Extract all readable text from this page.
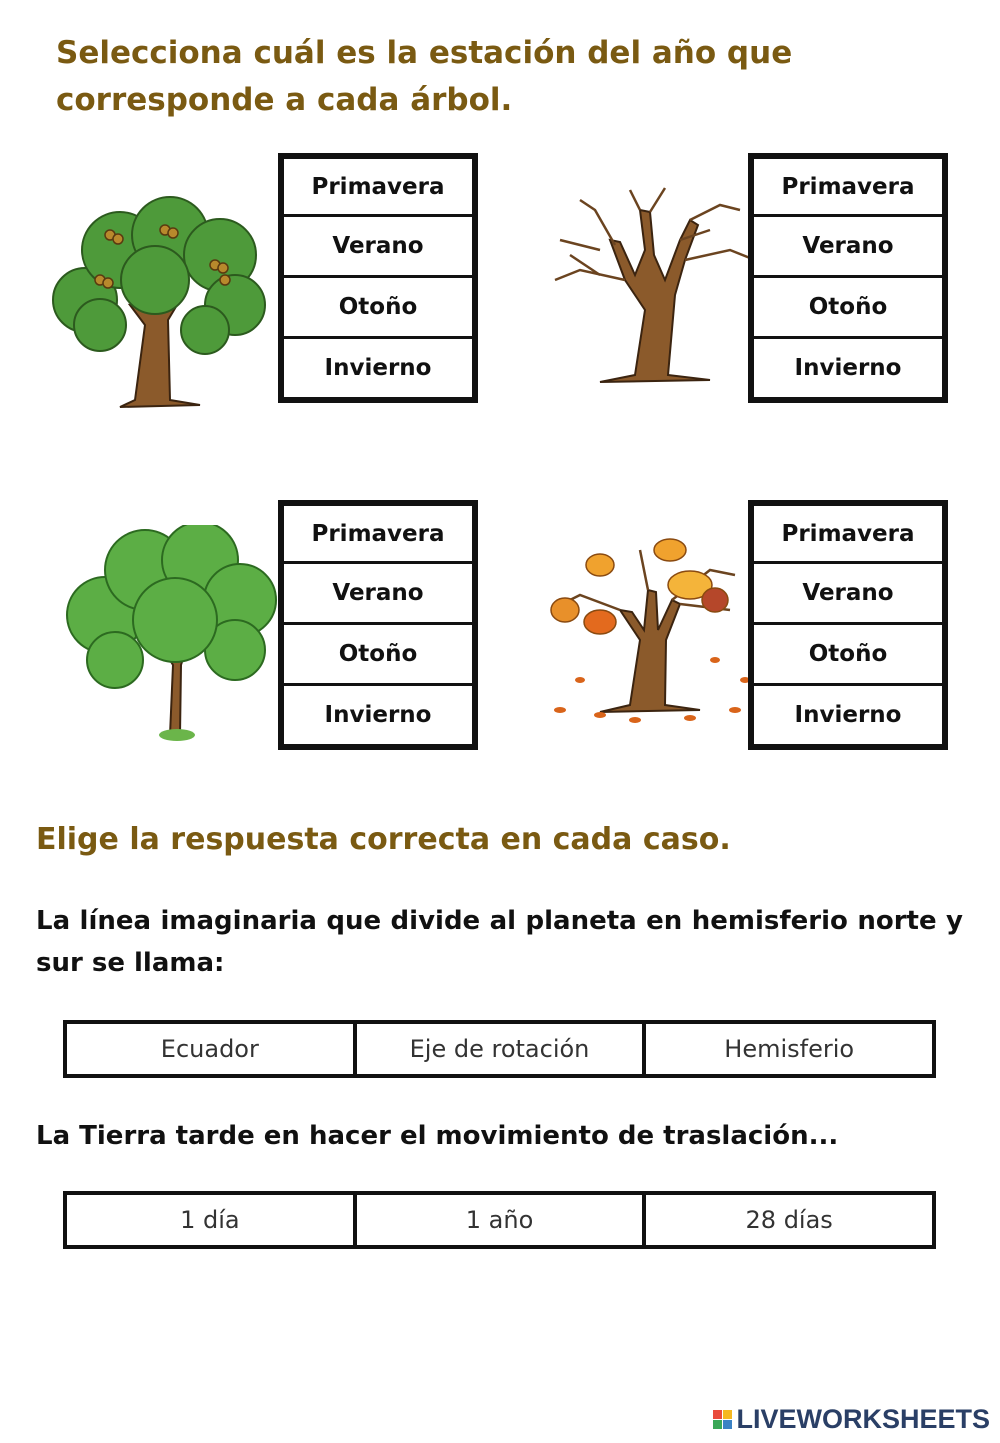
Selecciona cuál es la estación del año que corresponde a cada árbol.
Primavera
Verano
Otoño
Invierno
Primavera
Verano
Otoño
Invierno
Primavera
Verano
Otoño
Invierno
Primavera
Verano
Otoño
Invierno
Elige la respuesta correcta en cada caso.

La línea imaginaria que divide al planeta en hemisferio norte y sur se llama:

Ecuador	Eje de rotación	Hemisferio

La Tierra tarde en hacer el movimiento de traslación...

1 día	1 año	28 días
LIVEWORKSHEETS
